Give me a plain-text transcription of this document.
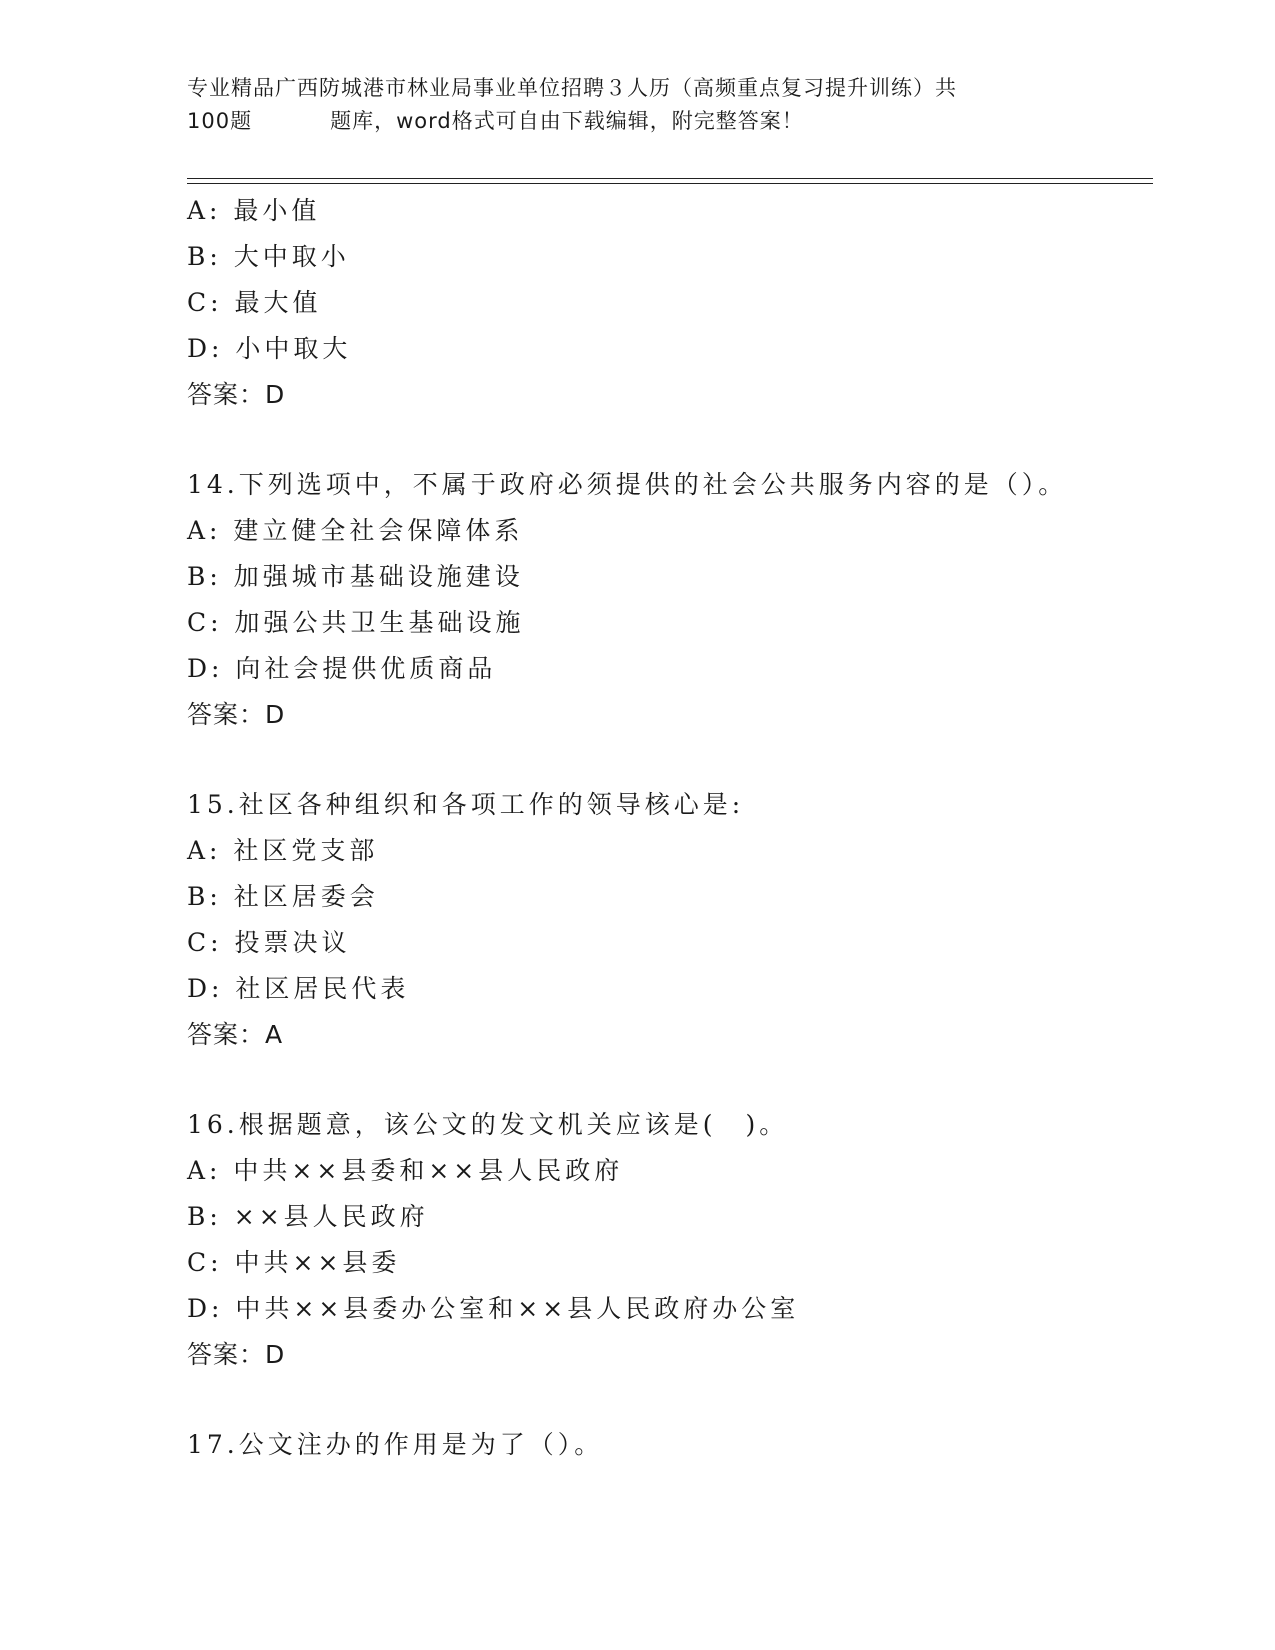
专业精品广西防城港市林业局事业单位招聘３人历（高频重点复习提升训练）共
100题	题库，word格式可自由下载编辑，附完整答案！
A: 最小值
B: 大中取小
C: 最大值
D: 小中取大
答案：D
14.下列选项中，不属于政府必须提供的社会公共服务内容的是（）。
A: 建立健全社会保障体系
B: 加强城市基础设施建设
C: 加强公共卫生基础设施
D: 向社会提供优质商品
答案：D
15.社区各种组织和各项工作的领导核心是:
A: 社区党支部
B: 社区居委会
C: 投票决议
D: 社区居民代表
答案：A
16.根据题意，该公文的发文机关应该是(　)。
A: 中共××县委和××县人民政府
B: ××县人民政府
C: 中共××县委
D: 中共××县委办公室和××县人民政府办公室
答案：D
17.公文注办的作用是为了（）。
